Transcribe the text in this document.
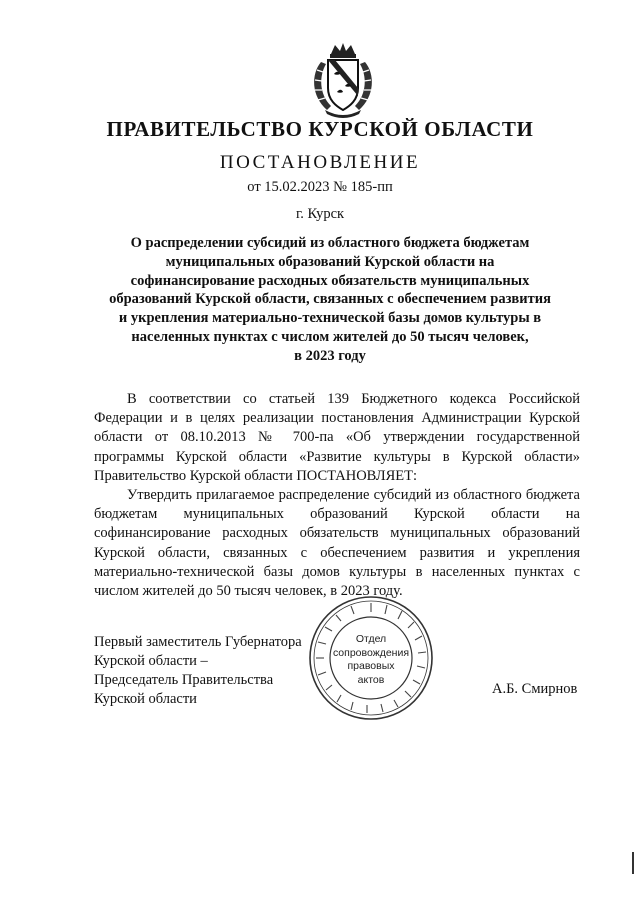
ПРАВИТЕЛЬСТВО КУРСКОЙ ОБЛАСТИ
ПОСТАНОВЛЕНИЕ
от 15.02.2023 № 185-пп
г. Курск
О распределении субсидий из областного бюджета бюджетам
муниципальных образований Курской области на
софинансирование расходных обязательств муниципальных
образований Курской области, связанных с обеспечением развития
и укрепления материально-технической базы домов культуры в
населенных пунктах с числом жителей до 50 тысяч человек,
в 2023 году

В соответствии со статьей 139 Бюджетного кодекса Российской Федерации и в целях реализации постановления Администрации Курской области от 08.10.2013 № 700-па «Об утверждении государственной программы Курской области «Развитие культуры в Курской области» Правительство Курской области ПОСТАНОВЛЯЕТ:

Утвердить прилагаемое распределение субсидий из областного бюджета бюджетам муниципальных образований Курской области на софинансирование расходных обязательств муниципальных образований Курской области, связанных с обеспечением развития и укрепления материально-технической базы домов культуры в населенных пунктах с числом жителей до 50 тысяч человек, в 2023 году.

Отдел
сопровождения
правовых
актов
Первый заместитель Губернатора
Курской области –
Председатель Правительства
Курской области
А.Б. Смирнов
